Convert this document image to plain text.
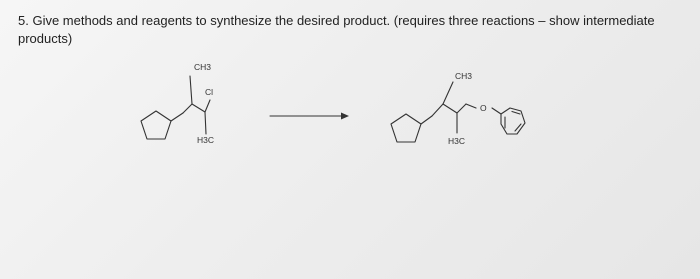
5. Give methods and reagents to synthesize the desired product. (requires three reactions – show intermediate products)
CH3
Cl
H3C
CH3
O
H3C
